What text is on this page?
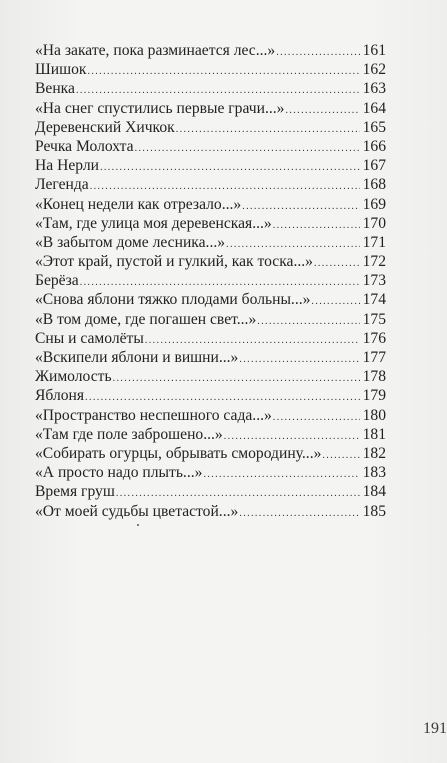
«На закате, пока разминается лес...» .....	161
Шишок .....	162
Венка .....	163
«На снег спустились первые грачи...» .....	164
Деревенский Хичкок .....	165
Речка Молохта .....	166
На Нерли .....	167
Легенда .....	168
«Конец недели как отрезало...» .....	169
«Там, где улица моя деревенская...» .....	170
«В забытом доме лесника...» .....	171
«Этот край, пустой и гулкий, как тоска...» .....	172
Берёза .....	173
«Снова яблони тяжко плодами больны...» .....	174
«В том доме, где погашен свет...» .....	175
Сны и самолёты .....	176
«Вскипели яблони и вишни...» .....	177
Жимолость .....	178
Яблоня .....	179
«Пространство неспешного сада...» .....	180
«Там где поле заброшено...» .....	181
«Собирать огурцы, обрывать смородину...» .....	182
«А просто надо плыть...» .....	183
Время груш .....	184
«От моей судьбы цветастой...» .....	185
191
